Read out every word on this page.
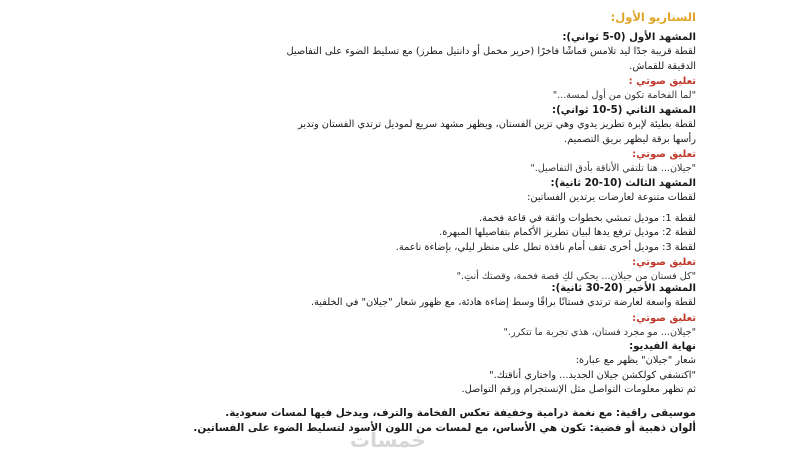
السناريو الأول:
المشهد الأول (0-5 ثواني):
لقطة قريبة جدًا ليد تلامس قماشًا فاخرًا (حرير مخمل أو دانتيل مطرز) مع تسليط الضوء على التفاصيل
الدقيقة للقماش.
تعليق صوتي :
"لما الفخامة تكون من أول لمسة..."
المشهد الثاني (5-10 ثواني):
لقطة بطيئة لإبرة تطريز يدوي وهي تزين الفستان، ويظهر مشهد سريع لموديل ترتدي الفستان وتدير
رأسها برقة ليظهر بريق التصميم.
تعليق صوتي:
"جيلان... هنا تلتقي الأناقة بأدق التفاصيل."
المشهد الثالث (10-20 ثانية):
لقطات متنوعة لعارضات يرتدين الفساتين:
لقطة 1: موديل تمشي بخطوات واثقة في قاعة فخمة.
لقطة 2: موديل ترفع يدها لبيان تطريز الأكمام بتفاصيلها المبهرة.
لقطة 3: موديل أخرى تقف أمام نافذة تطل على منظر ليلي، بإضاءة ناعمة.
تعليق صوتي:
"كل فستان من جيلان... يحكي لكِ قصة فخمة، وقصتك أنتِ."
المشهد الأخير (20-30 ثانية):
لقطة واسعة لعارضة ترتدي فستانًا براقًا وسط إضاءة هادئة، مع ظهور شعار "جيلان" في الخلفية.
تعليق صوتي:
"جيلان... مو مجرد فستان، هذي تجربة ما تتكرر."
نهاية الفيديو:
شعار "جيلان" يظهر مع عبارة:
"اكتشفي كولكشن جيلان الجديد... واختاري أناقتك."
ثم تظهر معلومات التواصل مثل الإنستجرام ورقم التواصل.
موسيقى راقية: مع نغمة درامية وخفيفة تعكس الفخامة والترف، ويدخل فيها لمسات سعودية.
ألوان ذهبية أو فضية: تكون هي الأساس، مع لمسات من اللون الأسود لتسليط الضوء على الفساتين.
خمسات
